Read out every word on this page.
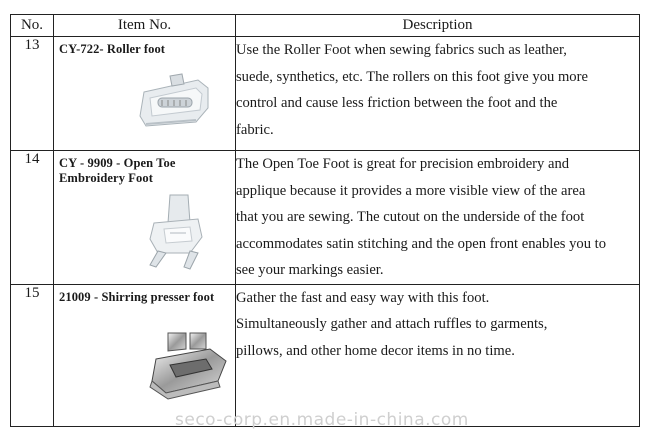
No.	Item No.	Description
13	CY-722- Roller foot	Use the Roller Foot when sewing fabrics such as leather,
suede, synthetics, etc. The rollers on this foot give you more
control and cause less friction between the foot and the
fabric.

14	CY - 9909 - Open Toe Embroidery Foot	The Open Toe Foot is great for precision embroidery and
applique because it provides a more visible view of the area
that you are sewing. The cutout on the underside of the foot
accommodates satin stitching and the open front enables you to
see your markings easier.

15	21009 - Shirring presser foot	Gather the fast and easy way with this foot.
Simultaneously gather and attach ruffles to garments,
pillows, and other home decor items in no time.
seco-corp.en.made-in-china.com
